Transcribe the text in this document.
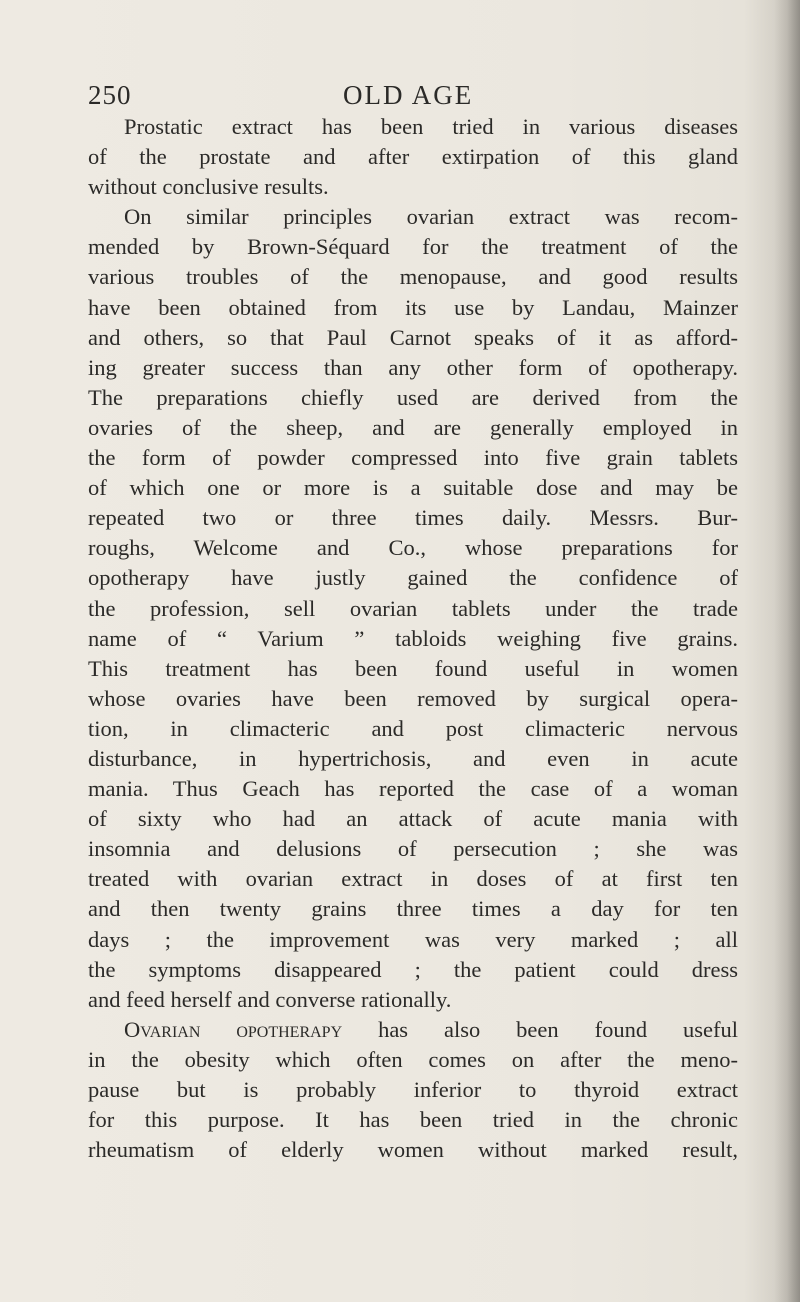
250	OLD AGE
Prostatic extract has been tried in various diseases
of the prostate and after extirpation of this gland
without conclusive results.
On similar principles ovarian extract was recom-
mended by Brown-Séquard for the treatment of the
various troubles of the menopause, and good results
have been obtained from its use by Landau, Mainzer
and others, so that Paul Carnot speaks of it as afford-
ing greater success than any other form of opotherapy.
The preparations chiefly used are derived from the
ovaries of the sheep, and are generally employed in
the form of powder compressed into five grain tablets
of which one or more is a suitable dose and may be
repeated two or three times daily. Messrs. Bur-
roughs, Welcome and Co., whose preparations for
opotherapy have justly gained the confidence of
the profession, sell ovarian tablets under the trade
name of “ Varium ” tabloids weighing five grains.
This treatment has been found useful in women
whose ovaries have been removed by surgical opera-
tion, in climacteric and post climacteric nervous
disturbance, in hypertrichosis, and even in acute
mania. Thus Geach has reported the case of a woman
of sixty who had an attack of acute mania with
insomnia and delusions of persecution ; she was
treated with ovarian extract in doses of at first ten
and then twenty grains three times a day for ten
days ; the improvement was very marked ; all
the symptoms disappeared ; the patient could dress
and feed herself and converse rationally.
Ovarian opotherapy has also been found useful
in the obesity which often comes on after the meno-
pause but is probably inferior to thyroid extract
for this purpose. It has been tried in the chronic
rheumatism of elderly women without marked result,
